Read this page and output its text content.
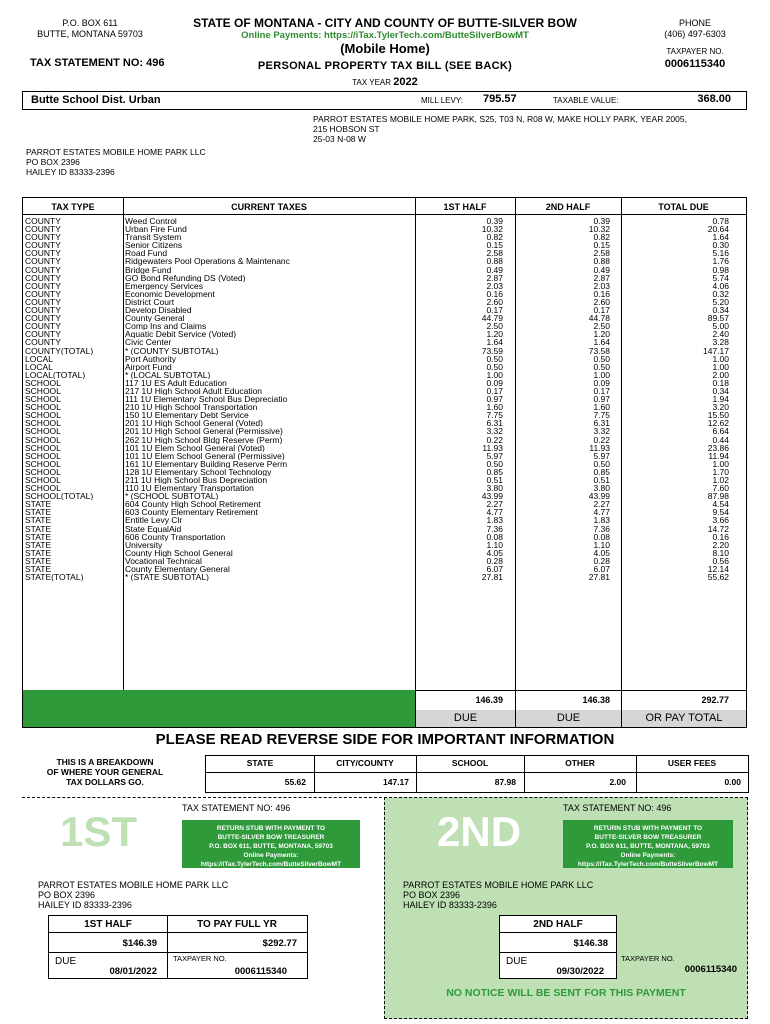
P.O. BOX 611
BUTTE, MONTANA 59703
STATE OF MONTANA - CITY AND COUNTY OF BUTTE-SILVER BOW
Online Payments: https://iTax.TylerTech.com/ButteSilverBowMT
(Mobile Home)
PHONE
(406) 497-6303
TAXPAYER NO.
0006115340
TAX STATEMENT NO: 496	PERSONAL PROPERTY TAX BILL (SEE BACK)
TAX YEAR 2022
Butte School Dist. Urban	MILL LEVY: 795.57	TAXABLE VALUE:	368.00
PARROT ESTATES MOBILE HOME PARK, S25, T03 N, R08 W, MAKE HOLLY PARK, YEAR 2005,
215 HOBSON ST
25-03 N-08 W
PARROT ESTATES MOBILE HOME PARK LLC
PO BOX 2396
HAILEY ID 83333-2396
TAX TYPE	CURRENT TAXES	1ST HALF	2ND HALF	TOTAL DUE
COUNTY	Weed Control	0.39	0.39	0.78
COUNTY	Urban Fire Fund	10.32	10.32	20.64
COUNTY	Transit System	0.82	0.82	1.64
COUNTY	Senior Citizens	0.15	0.15	0.30
COUNTY	Road Fund	2.58	2.58	5.16
COUNTY	Ridgewaters Pool Operations & Maintenanc	0.88	0.88	1.76
COUNTY	Bridge Fund	0.49	0.49	0.98
COUNTY	GO Bond Refunding DS (Voted)	2.87	2.87	5.74
COUNTY	Emergency Services	2.03	2.03	4.06
COUNTY	Economic Development	0.16	0.16	0.32
COUNTY	District Court	2.60	2.60	5.20
COUNTY	Develop Disabled	0.17	0.17	0.34
COUNTY	County General	44.79	44.78	89.57
COUNTY	Comp Ins and Claims	2.50	2.50	5.00
COUNTY	Aquatic Debit Service (Voted)	1.20	1.20	2.40
COUNTY	Civic Center	1.64	1.64	3.28
COUNTY(TOTAL)	* (COUNTY SUBTOTAL)	73.59	73.58	147.17
LOCAL	Port Authority	0.50	0.50	1.00
LOCAL	Airport Fund	0.50	0.50	1.00
LOCAL(TOTAL)	* (LOCAL SUBTOTAL)	1.00	1.00	2.00
SCHOOL	117 1U ES Adult Education	0.09	0.09	0.18
SCHOOL	217 1U High School Adult Education	0.17	0.17	0.34
SCHOOL	111 1U Elementary School Bus Depreciatio	0.97	0.97	1.94
SCHOOL	210 1U High School Transportation	1.60	1.60	3.20
SCHOOL	150 1U Elementary Debt Service	7.75	7.75	15.50
SCHOOL	201 1U High School General (Voted)	6.31	6.31	12.62
SCHOOL	201 1U High School General (Permissive)	3.32	3.32	6.64
SCHOOL	262 1U High School Bldg Reserve (Perm)	0.22	0.22	0.44
SCHOOL	101 1U Elem School General (Voted)	11.93	11.93	23.86
SCHOOL	101 1U Elem School General (Permissive)	5.97	5.97	11.94
SCHOOL	161 1U Elementary Building Reserve Perm	0.50	0.50	1.00
SCHOOL	128 1U Elementary School Technology	0.85	0.85	1.70
SCHOOL	211 1U High School Bus Depreciation	0.51	0.51	1.02
SCHOOL	110 1U Elementary Transportation	3.80	3.80	7.60
SCHOOL(TOTAL)	* (SCHOOL SUBTOTAL)	43.99	43.99	87.98
STATE	604 County High School Retirement	2.27	2.27	4.54
STATE	603 County Elementary Retirement	4.77	4.77	9.54
STATE	Entitle Levy Clr	1.83	1.83	3.66
STATE	State EqualAid	7.36	7.36	14.72
STATE	606 County Transportation	0.08	0.08	0.16
STATE	University	1.10	1.10	2.20
STATE	County High School General	4.05	4.05	8.10
STATE	Vocational Technical	0.28	0.28	0.56
STATE	County Elementary General	6.07	6.07	12.14
STATE(TOTAL)	* (STATE SUBTOTAL)	27.81	27.81	55.62
146.39	146.38	292.77
DUE	DUE	OR PAY TOTAL
PLEASE READ REVERSE SIDE FOR IMPORTANT INFORMATION
THIS IS A BREAKDOWN
OF WHERE YOUR GENERAL
TAX DOLLARS GO.
STATE	CITY/COUNTY	SCHOOL	OTHER	USER FEES
55.62	147.17	87.98	2.00	0.00
1ST	TAX STATEMENT NO: 496
RETURN STUB WITH PAYMENT TO
BUTTE-SILVER BOW TREASURER
P.O. BOX 611, BUTTE, MONTANA, 59703
Online Payments:
https://iTax.TylerTech.com/ButteSilverBowMT
PARROT ESTATES MOBILE HOME PARK LLC
PO BOX 2396
HAILEY ID 83333-2396
1ST HALF	TO PAY FULL YR
$146.39	$292.77
DUE
08/01/2022
TAXPAYER NO.
0006115340
2ND	TAX STATEMENT NO: 496
RETURN STUB WITH PAYMENT TO
BUTTE-SILVER BOW TREASURER
P.O. BOX 611, BUTTE, MONTANA, 59703
Online Payments:
https://iTax.TylerTech.com/ButteSilverBowMT
PARROT ESTATES MOBILE HOME PARK LLC
PO BOX 2396
HAILEY ID 83333-2396
2ND HALF
$146.38
DUE
09/30/2022
TAXPAYER NO.
0006115340
NO NOTICE WILL BE SENT FOR THIS PAYMENT
